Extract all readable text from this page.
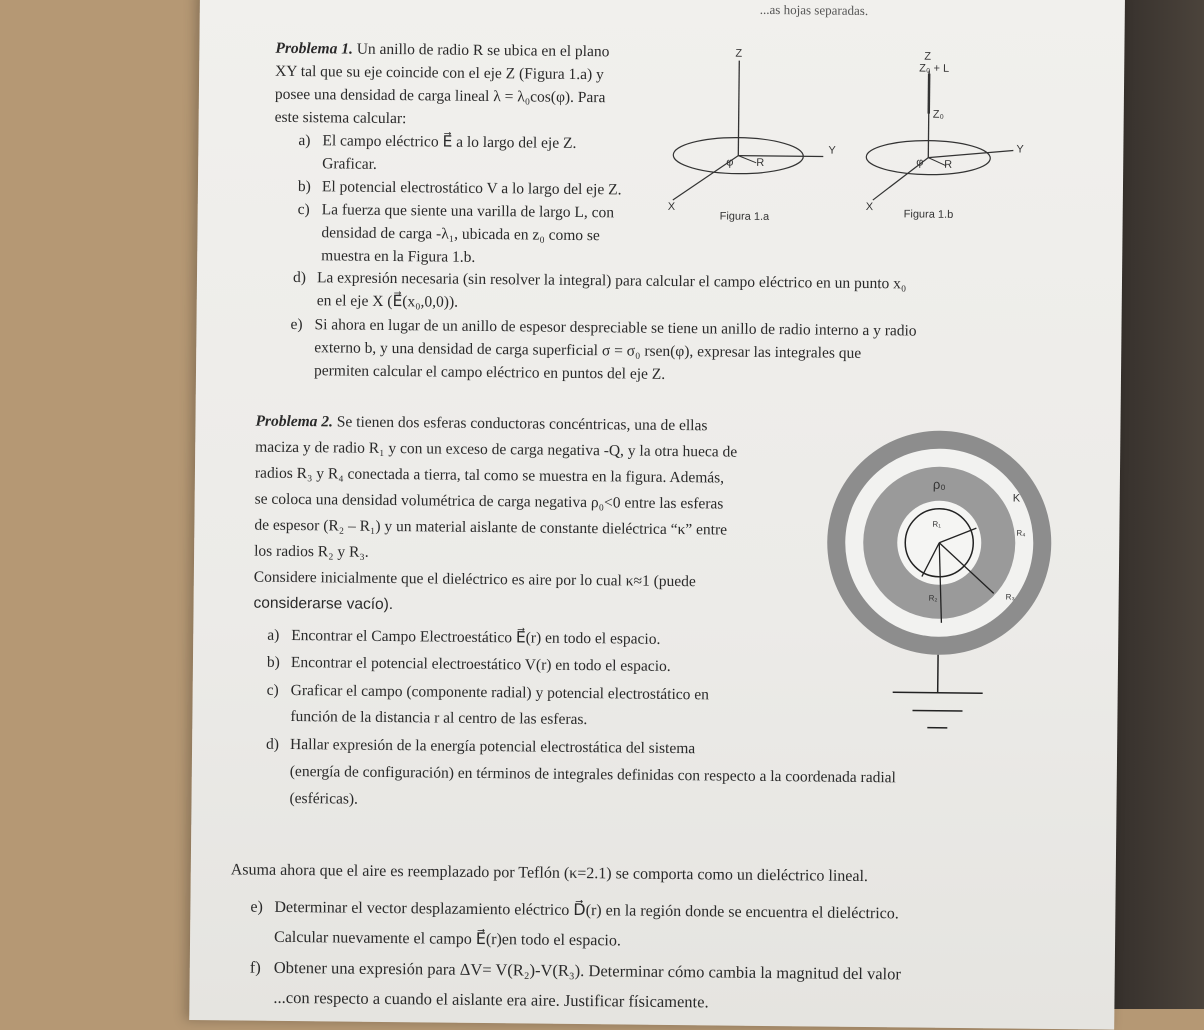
...as hojas separadas.
Problema 1. Un anillo de radio R se ubica en el plano
XY tal que su eje coincide con el eje Z (Figura 1.a) y
posee una densidad de carga lineal λ = λ₀cos(φ). Para
este sistema calcular:
a) El campo eléctrico E⃗ a lo largo del eje Z.
Graficar.
b) El potencial electrostático V a lo largo del eje Z.
c) La fuerza que siente una varilla de largo L, con
densidad de carga -λ₁, ubicada en z₀ como se
muestra en la Figura 1.b.
d) La expresión necesaria (sin resolver la integral) para calcular el campo eléctrico en un punto x₀
en el eje X (E⃗(x₀,0,0)).
e) Si ahora en lugar de un anillo de espesor despreciable se tiene un anillo de radio interno a y radio
externo b, y una densidad de carga superficial σ = σ₀ rsen(φ), expresar las integrales que
permiten calcular el campo eléctrico en puntos del eje Z.
Z
Y
X
φ R
Figura 1.a
Z
Z₀ + L
Z₀
Y
X
φ R
Figura 1.b
Problema 2. Se tienen dos esferas conductoras concéntricas, una de ellas
maciza y de radio R₁ y con un exceso de carga negativa -Q, y la otra hueca de
radios R₃ y R₄ conectada a tierra, tal como se muestra en la figura. Además,
se coloca una densidad volumétrica de carga negativa ρ₀<0 entre las esferas
de espesor (R₂ – R₁) y un material aislante de constante dieléctrica “κ” entre
los radios R₂ y R₃.
Considere inicialmente que el dieléctrico es aire por lo cual κ≈1 (puede
considerarse vacío).
a) Encontrar el Campo Electroestático E⃗(r) en todo el espacio.
b) Encontrar el potencial electroestático V(r) en todo el espacio.
c) Graficar el campo (componente radial) y potencial electrostático en
función de la distancia r al centro de las esferas.
d) Hallar expresión de la energía potencial electrostática del sistema
(energía de configuración) en términos de integrales definidas con respecto a la coordenada radial
(esféricas).
ρ₀
K
R₁
R₄
R₂	R₃
Asuma ahora que el aire es reemplazado por Teflón (κ=2.1) se comporta como un dieléctrico lineal.
e) Determinar el vector desplazamiento eléctrico D⃗(r) en la región donde se encuentra el dieléctrico.
Calcular nuevamente el campo E⃗(r)en todo el espacio.
f) Obtener una expresión para ΔV= V(R₂)-V(R₃). Determinar cómo cambia la magnitud del valor
...con respecto a cuando el aislante era aire. Justificar físicamente.
